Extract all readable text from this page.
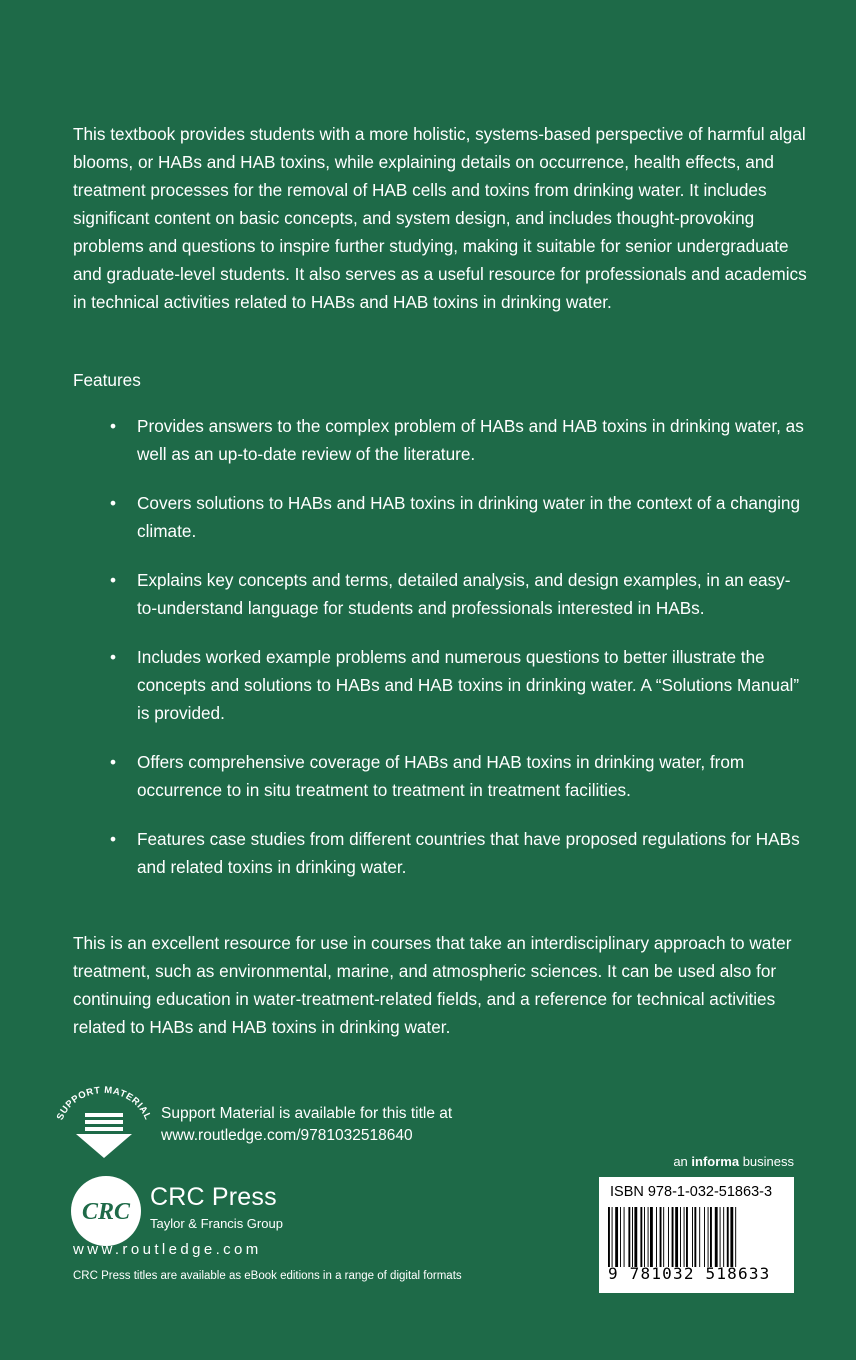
This textbook provides students with a more holistic, systems-based perspective of harmful algal blooms, or HABs and HAB toxins, while explaining details on occurrence, health effects, and treatment processes for the removal of HAB cells and toxins from drinking water. It includes significant content on basic concepts, and system design, and includes thought-provoking problems and questions to inspire further studying, making it suitable for senior undergraduate and graduate-level students. It also serves as a useful resource for professionals and academics in technical activities related to HABs and HAB toxins in drinking water.

Features

• Provides answers to the complex problem of HABs and HAB toxins in drinking water, as well as an up-to-date review of the literature.
• Covers solutions to HABs and HAB toxins in drinking water in the context of a changing climate.
• Explains key concepts and terms, detailed analysis, and design examples, in an easy-to-understand language for students and professionals interested in HABs.
• Includes worked example problems and numerous questions to better illustrate the concepts and solutions to HABs and HAB toxins in drinking water. A “Solutions Manual” is provided.
• Offers comprehensive coverage of HABs and HAB toxins in drinking water, from occurrence to in situ treatment to treatment in treatment facilities.
• Features case studies from different countries that have proposed regulations for HABs and related toxins in drinking water.

This is an excellent resource for use in courses that take an interdisciplinary approach to water treatment, such as environmental, marine, and atmospheric sciences. It can be used also for continuing education in water-treatment-related fields, and a reference for technical activities related to HABs and HAB toxins in drinking water.

SUPPORT MATERIAL Support Material is available for this title at
www.routledge.com/9781032518640
an informa business
CRC
CRC Press
Taylor & Francis Group
www.routledge.com
CRC Press titles are available as eBook editions in a range of digital formats
ISBN 978-1-032-51863-3
9 781032 518633
